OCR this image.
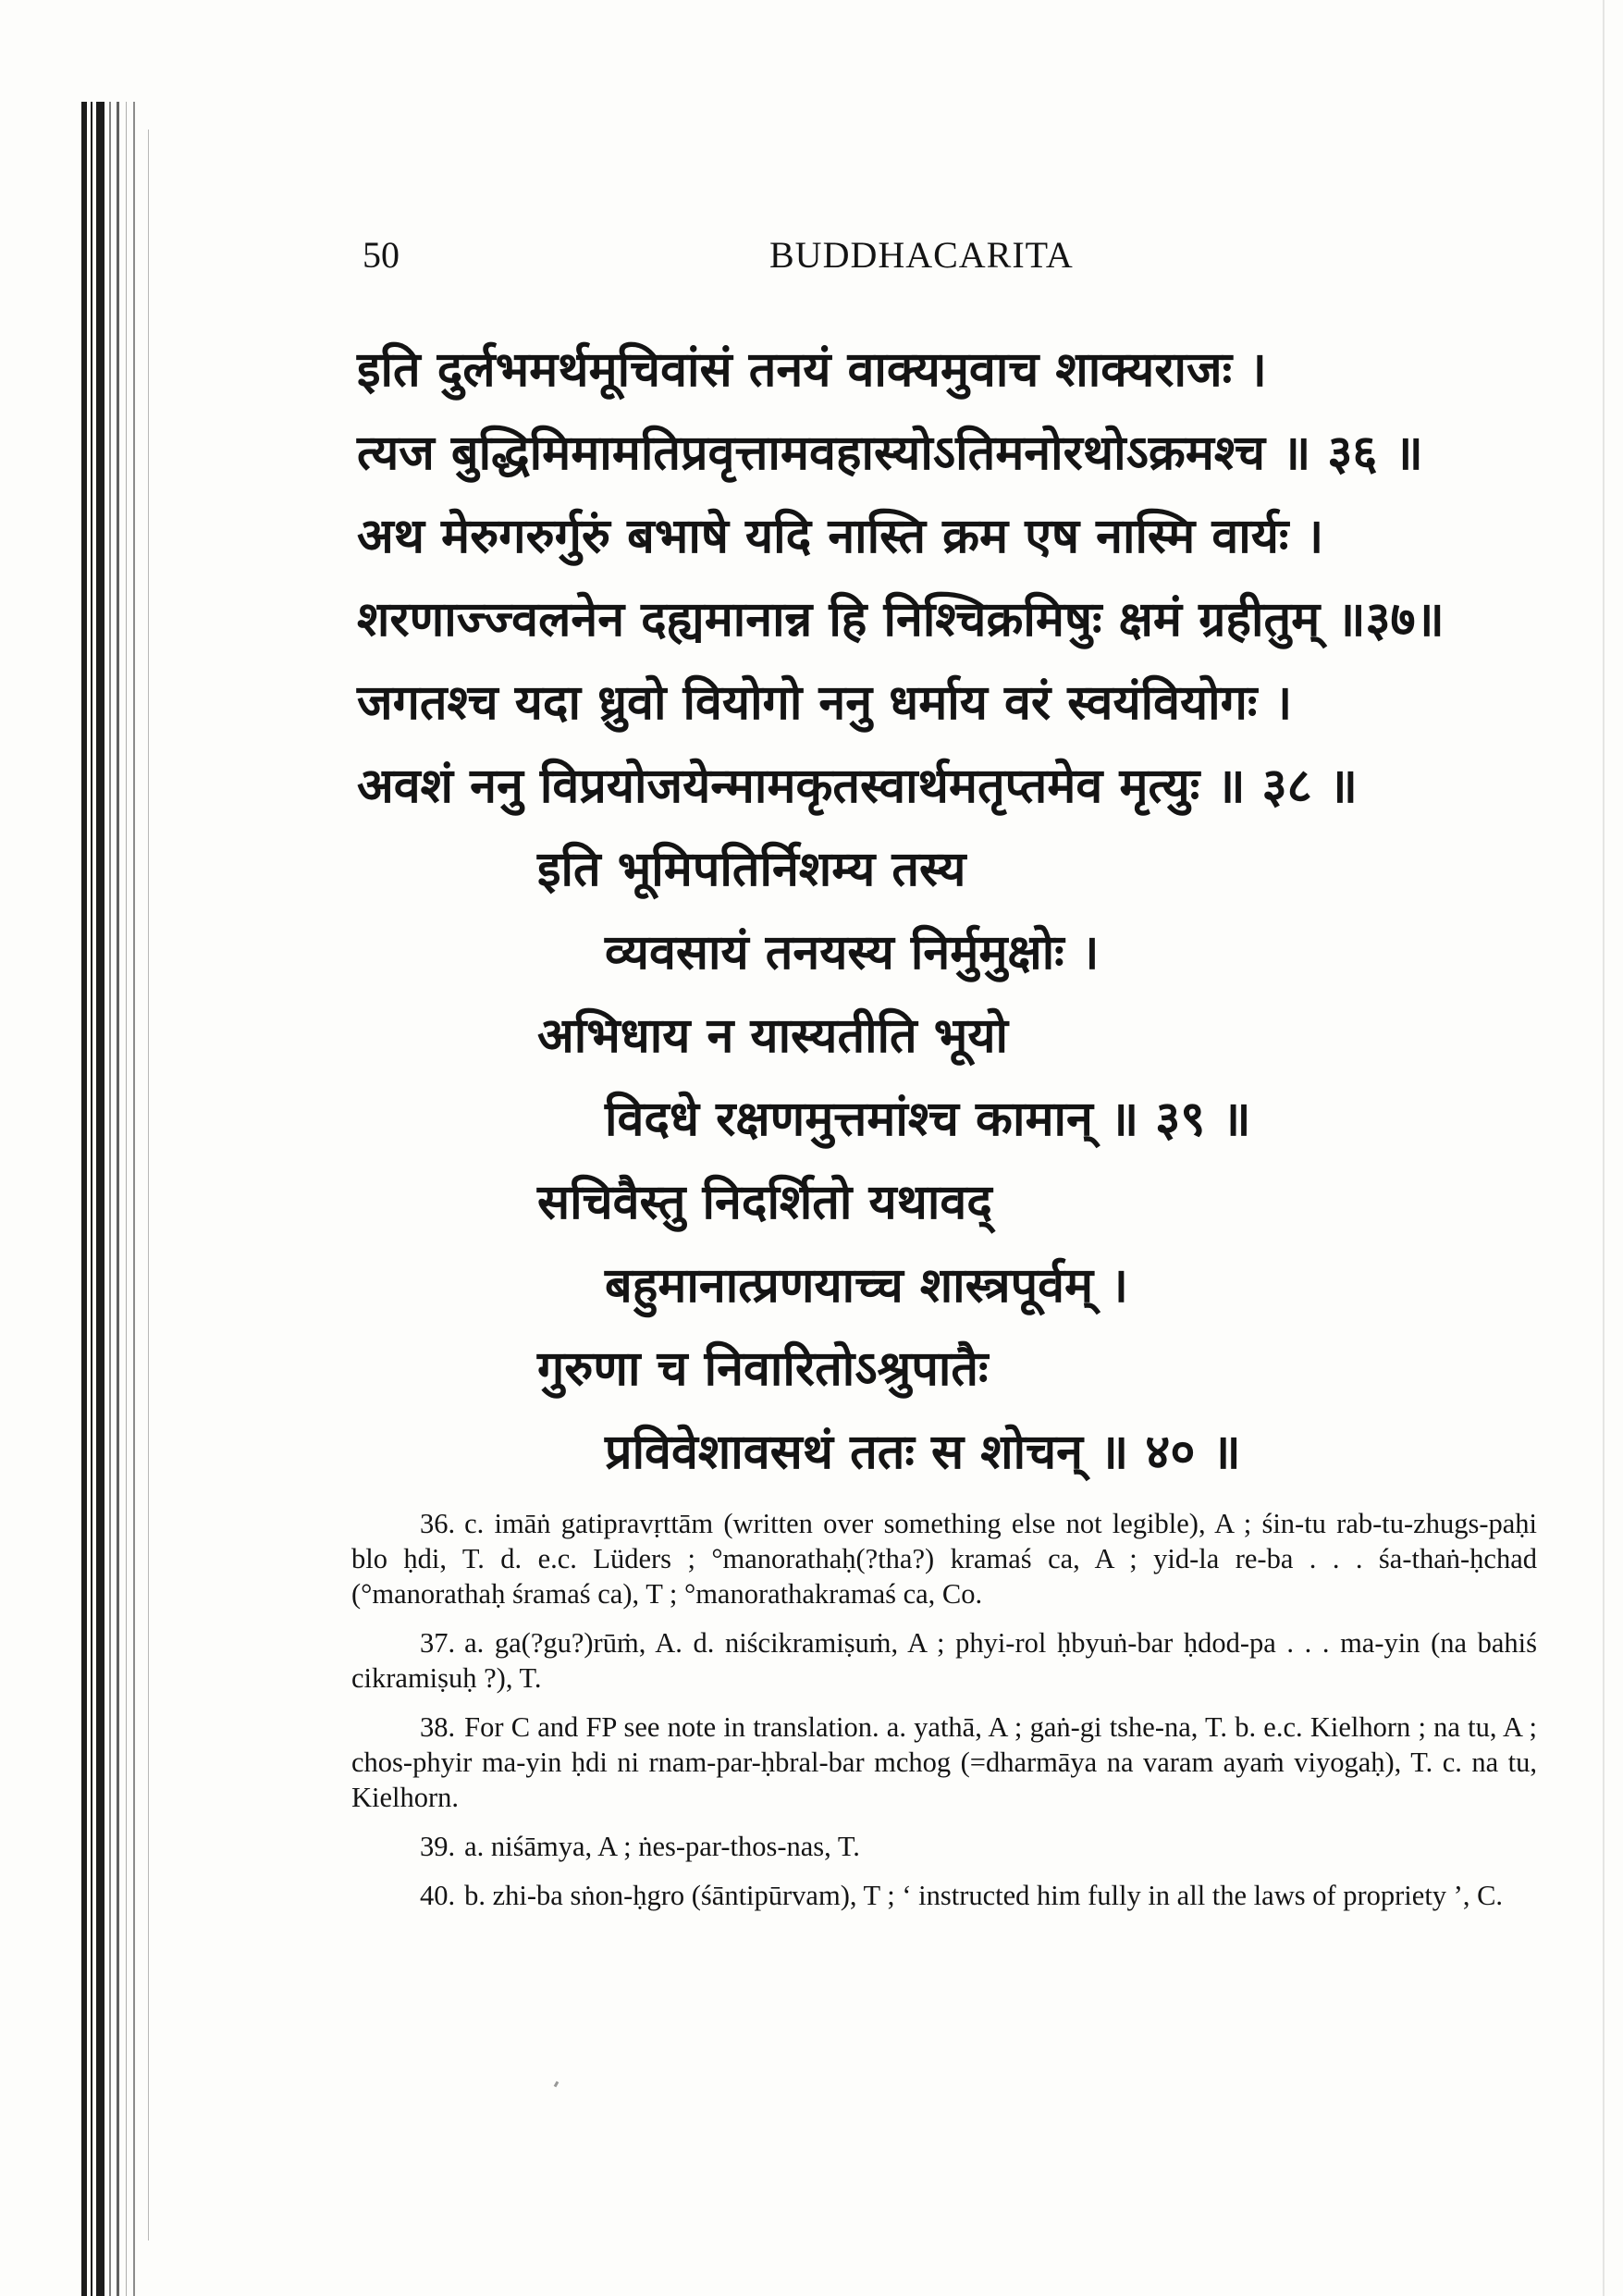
50	BUDDHACARITA
इति दुर्लभमर्थमूचिवांसं तनयं वाक्यमुवाच शाक्यराजः ।
त्यज बुद्धिमिमामतिप्रवृत्तामवहास्योऽतिमनोरथोऽक्रमश्च ॥ ३६ ॥
अथ मेरुगरुर्गुरुं बभाषे यदि नास्ति क्रम एष नास्मि वार्यः ।
शरणाज्ज्वलनेन दह्यमानान्न हि निश्चिक्रमिषुः क्षमं ग्रहीतुम् ॥३७॥
जगतश्च यदा ध्रुवो वियोगो ननु धर्माय वरं स्वयंवियोगः ।
अवशं ननु विप्रयोजयेन्मामकृतस्वार्थमतृप्तमेव मृत्युः ॥ ३८ ॥
इति भूमिपतिर्निशम्य तस्य
व्यवसायं तनयस्य निर्मुमुक्षोः ।
अभिधाय न यास्यतीति भूयो
विदधे रक्षणमुत्तमांश्च कामान् ॥ ३९ ॥
सचिवैस्तु निदर्शितो यथावद्
बहुमानात्प्रणयाच्च शास्त्रपूर्वम् ।
गुरुणा च निवारितोऽश्रुपातैः
प्रविवेशावसथं ततः स शोचन् ॥ ४० ॥

36. c. imāṅ gatipravṛttām (written over something else not legible), A ; śin-tu rab-tu-zhugs-paḥi blo ḥdi, T. d. e.c. Lüders ; °manorathaḥ(?tha?) kramaś ca, A ; yid-la re-ba . . . śa-thaṅ-ḥchad (°manorathaḥ śramaś ca), T ; °manorathakramaś ca, Co.

37. a. ga(?gu?)rūṁ, A. d. niścikramiṣuṁ, A ; phyi-rol ḥbyuṅ-bar ḥdod-pa . . . ma-yin (na bahiś cikramiṣuḥ ?), T.

38. For C and FP see note in translation. a. yathā, A ; gaṅ-gi tshe-na, T. b. e.c. Kielhorn ; na tu, A ; chos-phyir ma-yin ḥdi ni rnam-par-ḥbral-bar mchog (=dharmāya na varam ayaṁ viyogaḥ), T. c. na tu, Kielhorn.

39. a. niśāmya, A ; ṅes-par-thos-nas, T.

40. b. zhi-ba sṅon-ḥgro (śāntipūrvam), T ; ‘ instructed him fully in all the laws of propriety ’, C.
